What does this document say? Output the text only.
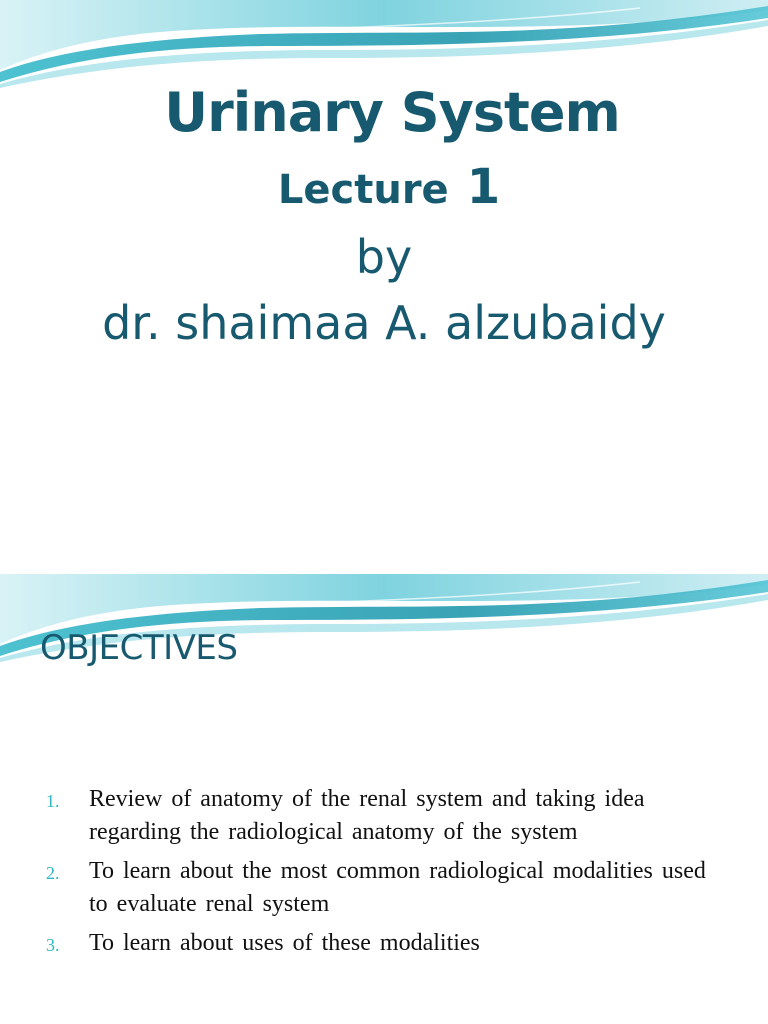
Urinary System
Lecture 1
by
dr. shaimaa A. alzubaidy
OBJECTIVES
1. Review of anatomy of the renal system and taking idea regarding the radiological anatomy of the system
2. To learn about the most common radiological modalities used to evaluate renal system
3. To learn about uses of these modalities
